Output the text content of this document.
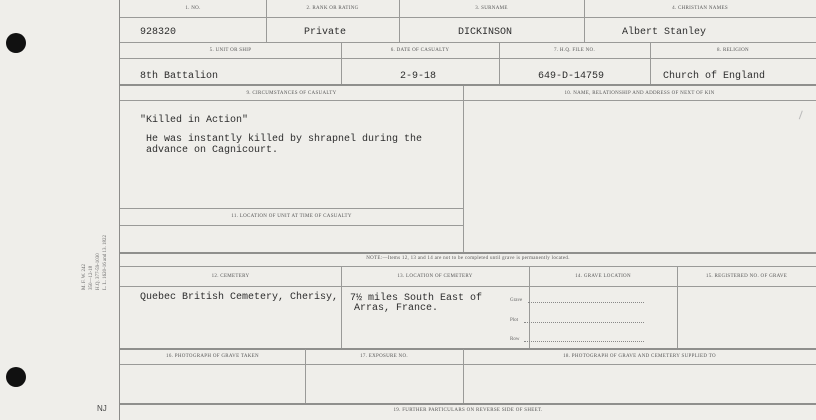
M. F. W. 242 350—12-18 H.Q. 377-59-1030 L. L. 1620-16 and 13. 1822
NJ
1. NO.	2. RANK OR RATING	3. SURNAME	4. CHRISTIAN NAMES
928320	Private	DICKINSON	Albert Stanley
5. UNIT OR SHIP	6. DATE OF CASUALTY	7. H.Q. FILE NO.	8. RELIGION
8th Battalion	2-9-18	649-D-14759	Church of England
9. CIRCUMSTANCES OF CASUALTY	10. NAME, RELATIONSHIP AND ADDRESS OF NEXT OF KIN
"Killed in Action"
He was instantly killed by shrapnel during the
advance on Cagnicourt.
11. LOCATION OF UNIT AT TIME OF CASUALTY
NOTE:—Items 12, 13 and 14 are not to be completed until grave is permanently located.
12. CEMETERY	13. LOCATION OF CEMETERY	14. GRAVE LOCATION	15. REGISTERED NO. OF GRAVE
Quebec British Cemetery, Cherisy, 7½ miles South East of
Arras, France.
Grave
Plot
Row
16. PHOTOGRAPH OF GRAVE TAKEN	17. EXPOSURE NO.	18. PHOTOGRAPH OF GRAVE AND CEMETERY SUPPLIED TO
19. FURTHER PARTICULARS ON REVERSE SIDE OF SHEET.
